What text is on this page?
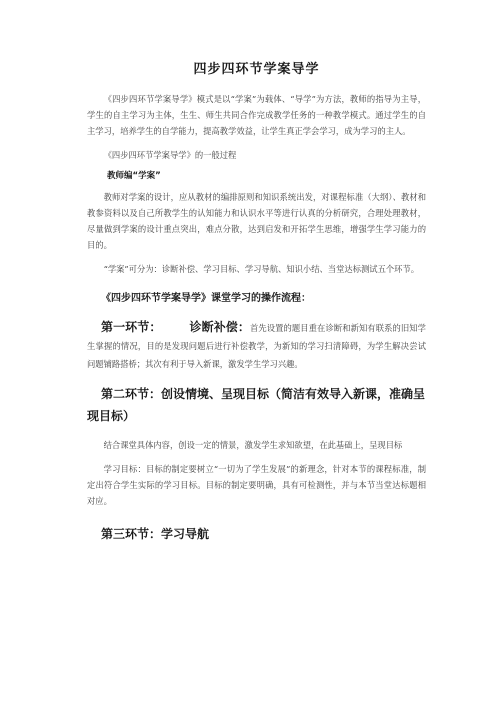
四步四环节学案导学

《四步四环节学案导学》模式是以“学案”为载体、“导学”为方法，教师的指导为主导，学生的自主学习为主体，生生、师生共同合作完成教学任务的一种教学模式。通过学生的自主学习，培养学生的自学能力，提高教学效益，让学生真正学会学习，成为学习的主人。

《四步四环节学案导学》的一般过程

教师编“学案”

教师对学案的设计，应从教材的编排原则和知识系统出发，对课程标准（大纲）、教材和教参资料以及自己所教学生的认知能力和认识水平等进行认真的分析研究，合理处理教材，尽量做到学案的设计重点突出，难点分散，达到启发和开拓学生思维，增强学生学习能力的目的。

“学案”可分为：诊断补偿、学习目标、学习导航、知识小结、当堂达标测试五个环节。

《四步四环节学案导学》课堂学习的操作流程：

第一环节： 诊断补偿：首先设置的题目重在诊断和新知有联系的旧知学生掌握的情况，目的是发现问题后进行补偿教学，为新知的学习扫清障碍，为学生解决尝试问题铺路搭桥；其次有利于导入新课，激发学生学习兴趣。

第二环节：创设情境、呈现目标（简洁有效导入新课，准确呈现目标）

结合课堂具体内容，创设一定的情景，激发学生求知欲望，在此基础上，呈现目标

学习目标：目标的制定要树立“一切为了学生发展”的新理念，针对本节的课程标准，制定出符合学生实际的学习目标。目标的制定要明确，具有可检测性，并与本节当堂达标题相对应。

第三环节：学习导航
